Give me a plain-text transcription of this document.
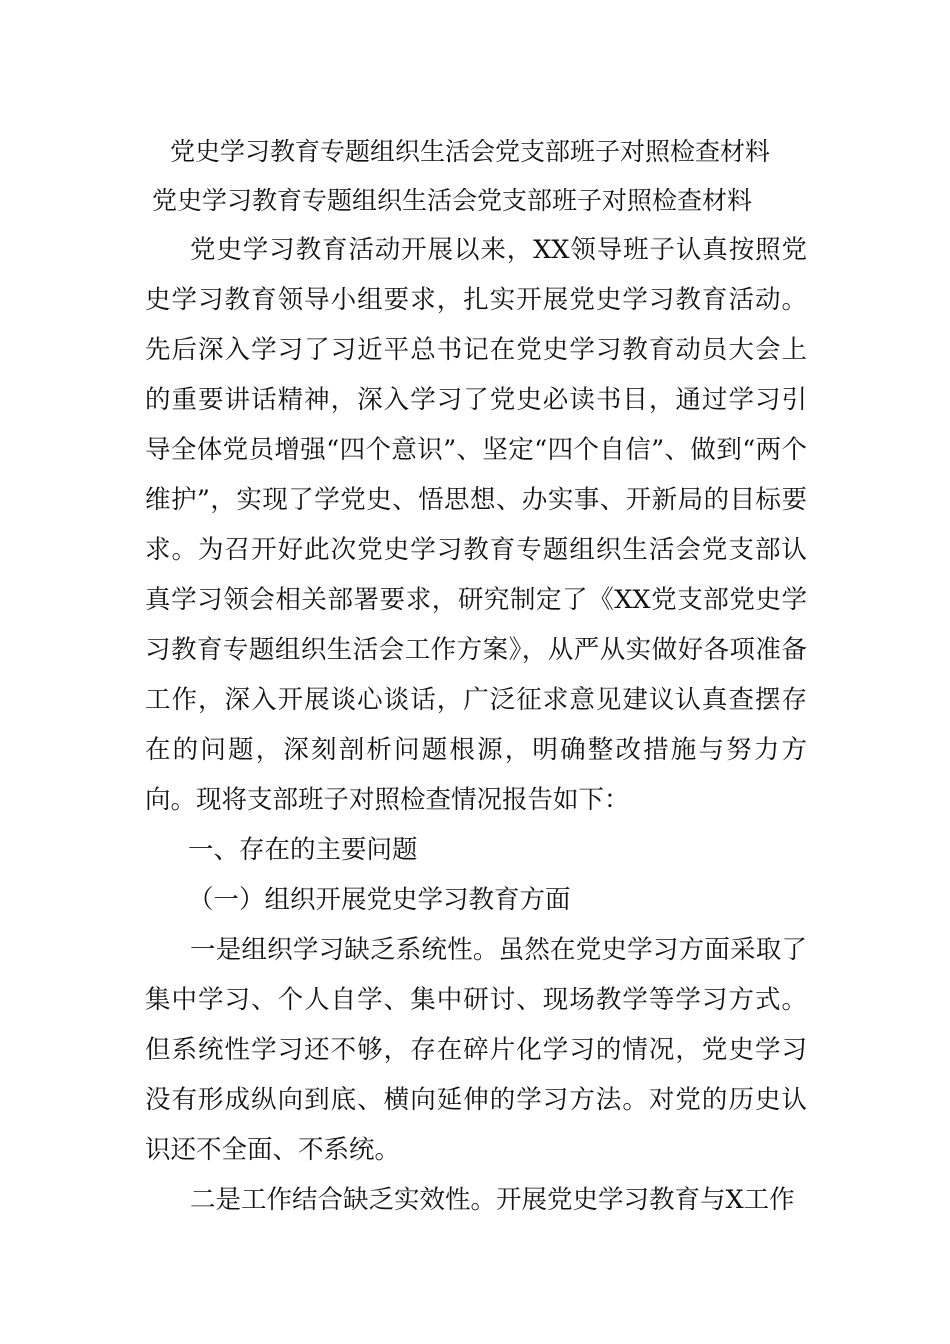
党史学习教育专题组织生活会党支部班子对照检查材料
党史学习教育专题组织生活会党支部班子对照检查材料

党史学习教育活动开展以来，XX领导班子认真按照党史学习教育领导小组要求，扎实开展党史学习教育活动。先后深入学习了习近平总书记在党史学习教育动员大会上的重要讲话精神，深入学习了党史必读书目，通过学习引导全体党员增强“四个意识”、坚定“四个自信”、做到“两个维护”，实现了学党史、悟思想、办实事、开新局的目标要求。为召开好此次党史学习教育专题组织生活会党支部认真学习领会相关部署要求，研究制定了《XX党支部党史学习教育专题组织生活会工作方案》，从严从实做好各项准备工作，深入开展谈心谈话，广泛征求意见建议认真查摆存在的问题，深刻剖析问题根源，明确整改措施与努力方向。现将支部班子对照检查情况报告如下：

一、存在的主要问题

（一）组织开展党史学习教育方面

一是组织学习缺乏系统性。虽然在党史学习方面采取了集中学习、个人自学、集中研讨、现场教学等学习方式。但系统性学习还不够，存在碎片化学习的情况，党史学习没有形成纵向到底、横向延伸的学习方法。对党的历史认识还不全面、不系统。

二是工作结合缺乏实效性。开展党史学习教育与X工作
